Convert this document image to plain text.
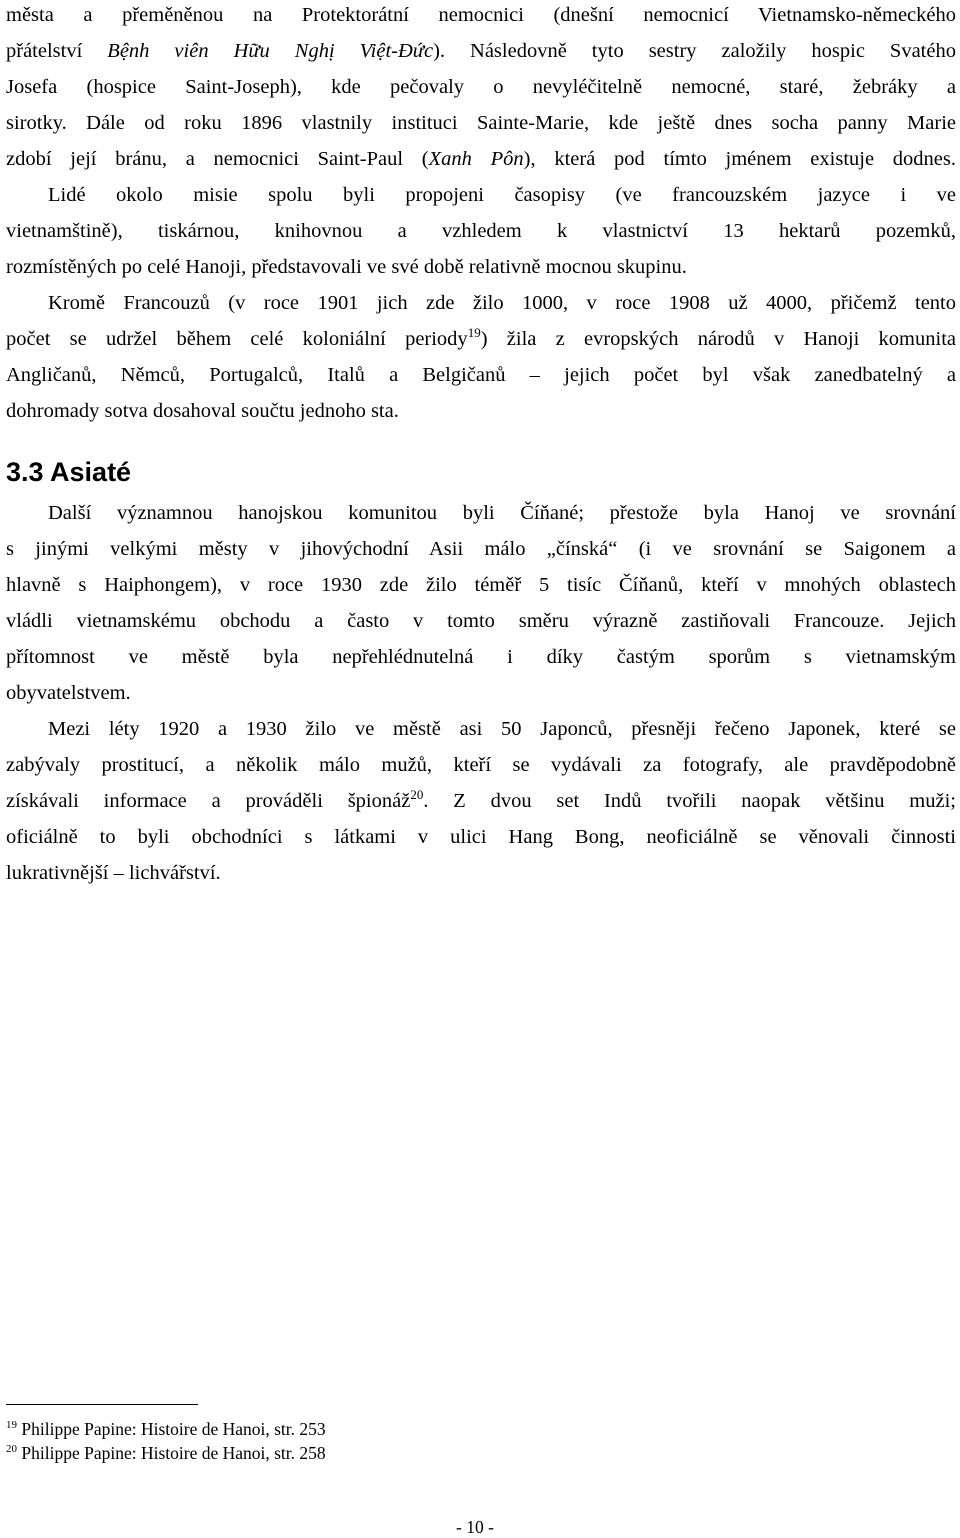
města a přeměněnou na Protektorátní nemocnici (dnešní nemocnicí Vietnamsko-německého
přátelství Bệnh viên Hữu Nghị Việt-Đức). Následovně tyto sestry založily hospic Svatého
Josefa (hospice Saint-Joseph), kde pečovaly o nevyléčitelně nemocné, staré, žebráky a
sirotky. Dále od roku 1896 vlastnily instituci Sainte-Marie, kde ještě dnes socha panny Marie
zdobí její bránu, a nemocnici Saint-Paul (Xanh Pôn), která pod tímto jménem existuje dodnes.
Lidé okolo misie spolu byli propojeni časopisy (ve francouzském jazyce i ve
vietnamštině), tiskárnou, knihovnou a vzhledem k vlastnictví 13 hektarů pozemků,
rozmístěných po celé Hanoji, představovali ve své době relativně mocnou skupinu.
Kromě Francouzů (v roce 1901 jich zde žilo 1000, v roce 1908 už 4000, přičemž tento
počet se udržel během celé koloniální periody$^{19}$) žila z evropských národů v Hanoji komunita
Angličanů, Němců, Portugalců, Italů a Belgičanů – jejich počet byl však zanedbatelný a
dohromady sotva dosahoval součtu jednoho sta.
3.3 Asiaté
Další významnou hanojskou komunitou byli Číňané; přestože byla Hanoj ve srovnání
s jinými velkými městy v jihovýchodní Asii málo „čínská“ (i ve srovnání se Saigonem a
hlavně s Haiphongem), v roce 1930 zde žilo téměř 5 tisíc Číňanů, kteří v mnohých oblastech
vládli vietnamskému obchodu a často v tomto směru výrazně zastiňovali Francouze. Jejich
přítomnost ve městě byla nepřehlédnutelná i díky častým sporům s vietnamským
obyvatelstvem.
Mezi léty 1920 a 1930 žilo ve městě asi 50 Japonců, přesněji řečeno Japonek, které se
zabývaly prostitucí, a několik málo mužů, kteří se vydávali za fotografy, ale pravděpodobně
získávali informace a prováděli špionáž$^{20}$. Z dvou set Indů tvořili naopak většinu muži;
oficiálně to byli obchodníci s látkami v ulici Hang Bong, neoficiálně se věnovali činnosti
lukrativnější – lichvářství.
$^{19}$ Philippe Papine: Histoire de Hanoi, str. 253
$^{20}$ Philippe Papine: Histoire de Hanoi, str. 258
- 10 -
